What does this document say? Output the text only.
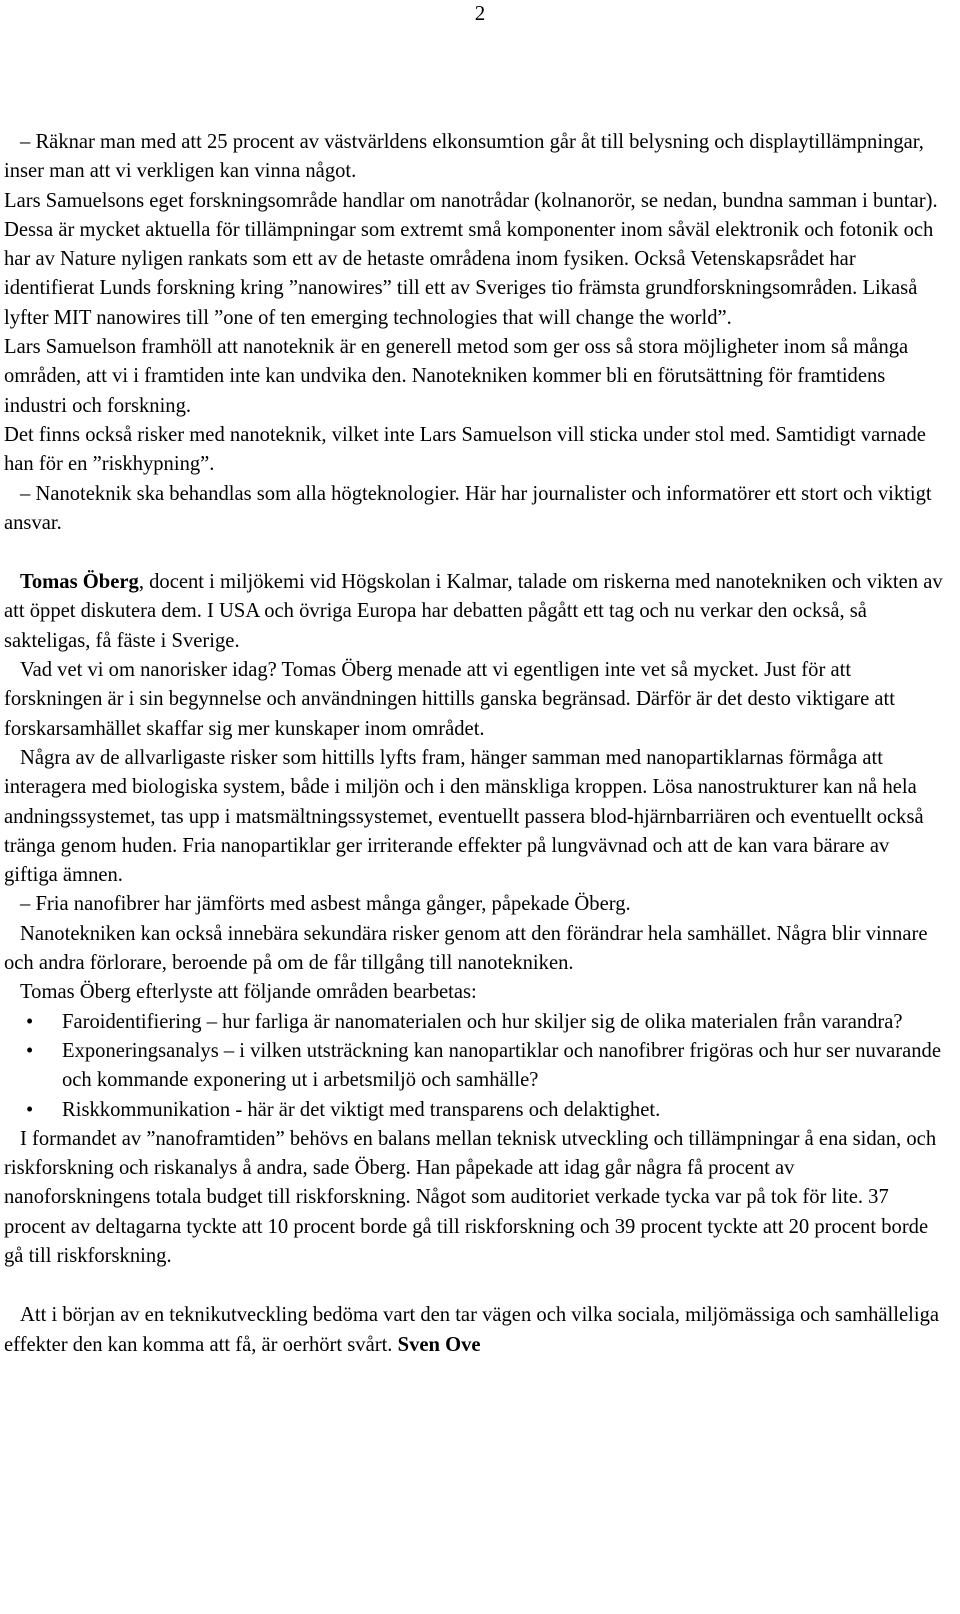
2

– Räknar man med att 25 procent av västvärldens elkonsumtion går åt till belysning och displaytillämpningar, inser man att vi verkligen kan vinna något.

Lars Samuelsons eget forskningsområde handlar om nanotrådar (kolnanorör, se nedan, bundna samman i buntar). Dessa är mycket aktuella för tillämpningar som extremt små komponenter inom såväl elektronik och fotonik och har av Nature nyligen rankats som ett av de hetaste områdena inom fysiken. Också Vetenskapsrådet har identifierat Lunds forskning kring ”nanowires” till ett av Sveriges tio främsta grundforskningsområden. Likaså lyfter MIT nanowires till ”one of ten emerging technologies that will change the world”.

Lars Samuelson framhöll att nanoteknik är en generell metod som ger oss så stora möjligheter inom så många områden, att vi i framtiden inte kan undvika den. Nanotekniken kommer bli en förutsättning för framtidens industri och forskning.

Det finns också risker med nanoteknik, vilket inte Lars Samuelson vill sticka under stol med. Samtidigt varnade han för en ”riskhypning”.

– Nanoteknik ska behandlas som alla högteknologier. Här har journalister och informatörer ett stort och viktigt ansvar.

Tomas Öberg, docent i miljökemi vid Högskolan i Kalmar, talade om riskerna med nanotekniken och vikten av att öppet diskutera dem. I USA och övriga Europa har debatten pågått ett tag och nu verkar den också, så sakteligas, få fäste i Sverige.

Vad vet vi om nanorisker idag? Tomas Öberg menade att vi egentligen inte vet så mycket. Just för att forskningen är i sin begynnelse och användningen hittills ganska begränsad. Därför är det desto viktigare att forskarsamhället skaffar sig mer kunskaper inom området.

Några av de allvarligaste risker som hittills lyfts fram, hänger samman med nanopartiklarnas förmåga att interagera med biologiska system, både i miljön och i den mänskliga kroppen. Lösa nanostrukturer kan nå hela andningssystemet, tas upp i matsmältningssystemet, eventuellt passera blod-hjärnbarriären och eventuellt också tränga genom huden. Fria nanopartiklar ger irriterande effekter på lungvävnad och att de kan vara bärare av giftiga ämnen.

– Fria nanofibrer har jämförts med asbest många gånger, påpekade Öberg.

Nanotekniken kan också innebära sekundära risker genom att den förändrar hela samhället. Några blir vinnare och andra förlorare, beroende på om de får tillgång till nanotekniken.

Tomas Öberg efterlyste att följande områden bearbetas:

• Faroidentifiering – hur farliga är nanomaterialen och hur skiljer sig de olika materialen från varandra?
• Exponeringsanalys – i vilken utsträckning kan nanopartiklar och nanofibrer frigöras och hur ser nuvarande och kommande exponering ut i arbetsmiljö och samhälle?
• Riskkommunikation - här är det viktigt med transparens och delaktighet.

I formandet av ”nanoframtiden” behövs en balans mellan teknisk utveckling och tillämpningar å ena sidan, och riskforskning och riskanalys å andra, sade Öberg. Han påpekade att idag går några få procent av nanoforskningens totala budget till riskforskning. Något som auditoriet verkade tycka var på tok för lite. 37 procent av deltagarna tyckte att 10 procent borde gå till riskforskning och 39 procent tyckte att 20 procent borde gå till riskforskning.

Att i början av en teknikutveckling bedöma vart den tar vägen och vilka sociala, miljömässiga och samhälleliga effekter den kan komma att få, är oerhört svårt. Sven Ove
